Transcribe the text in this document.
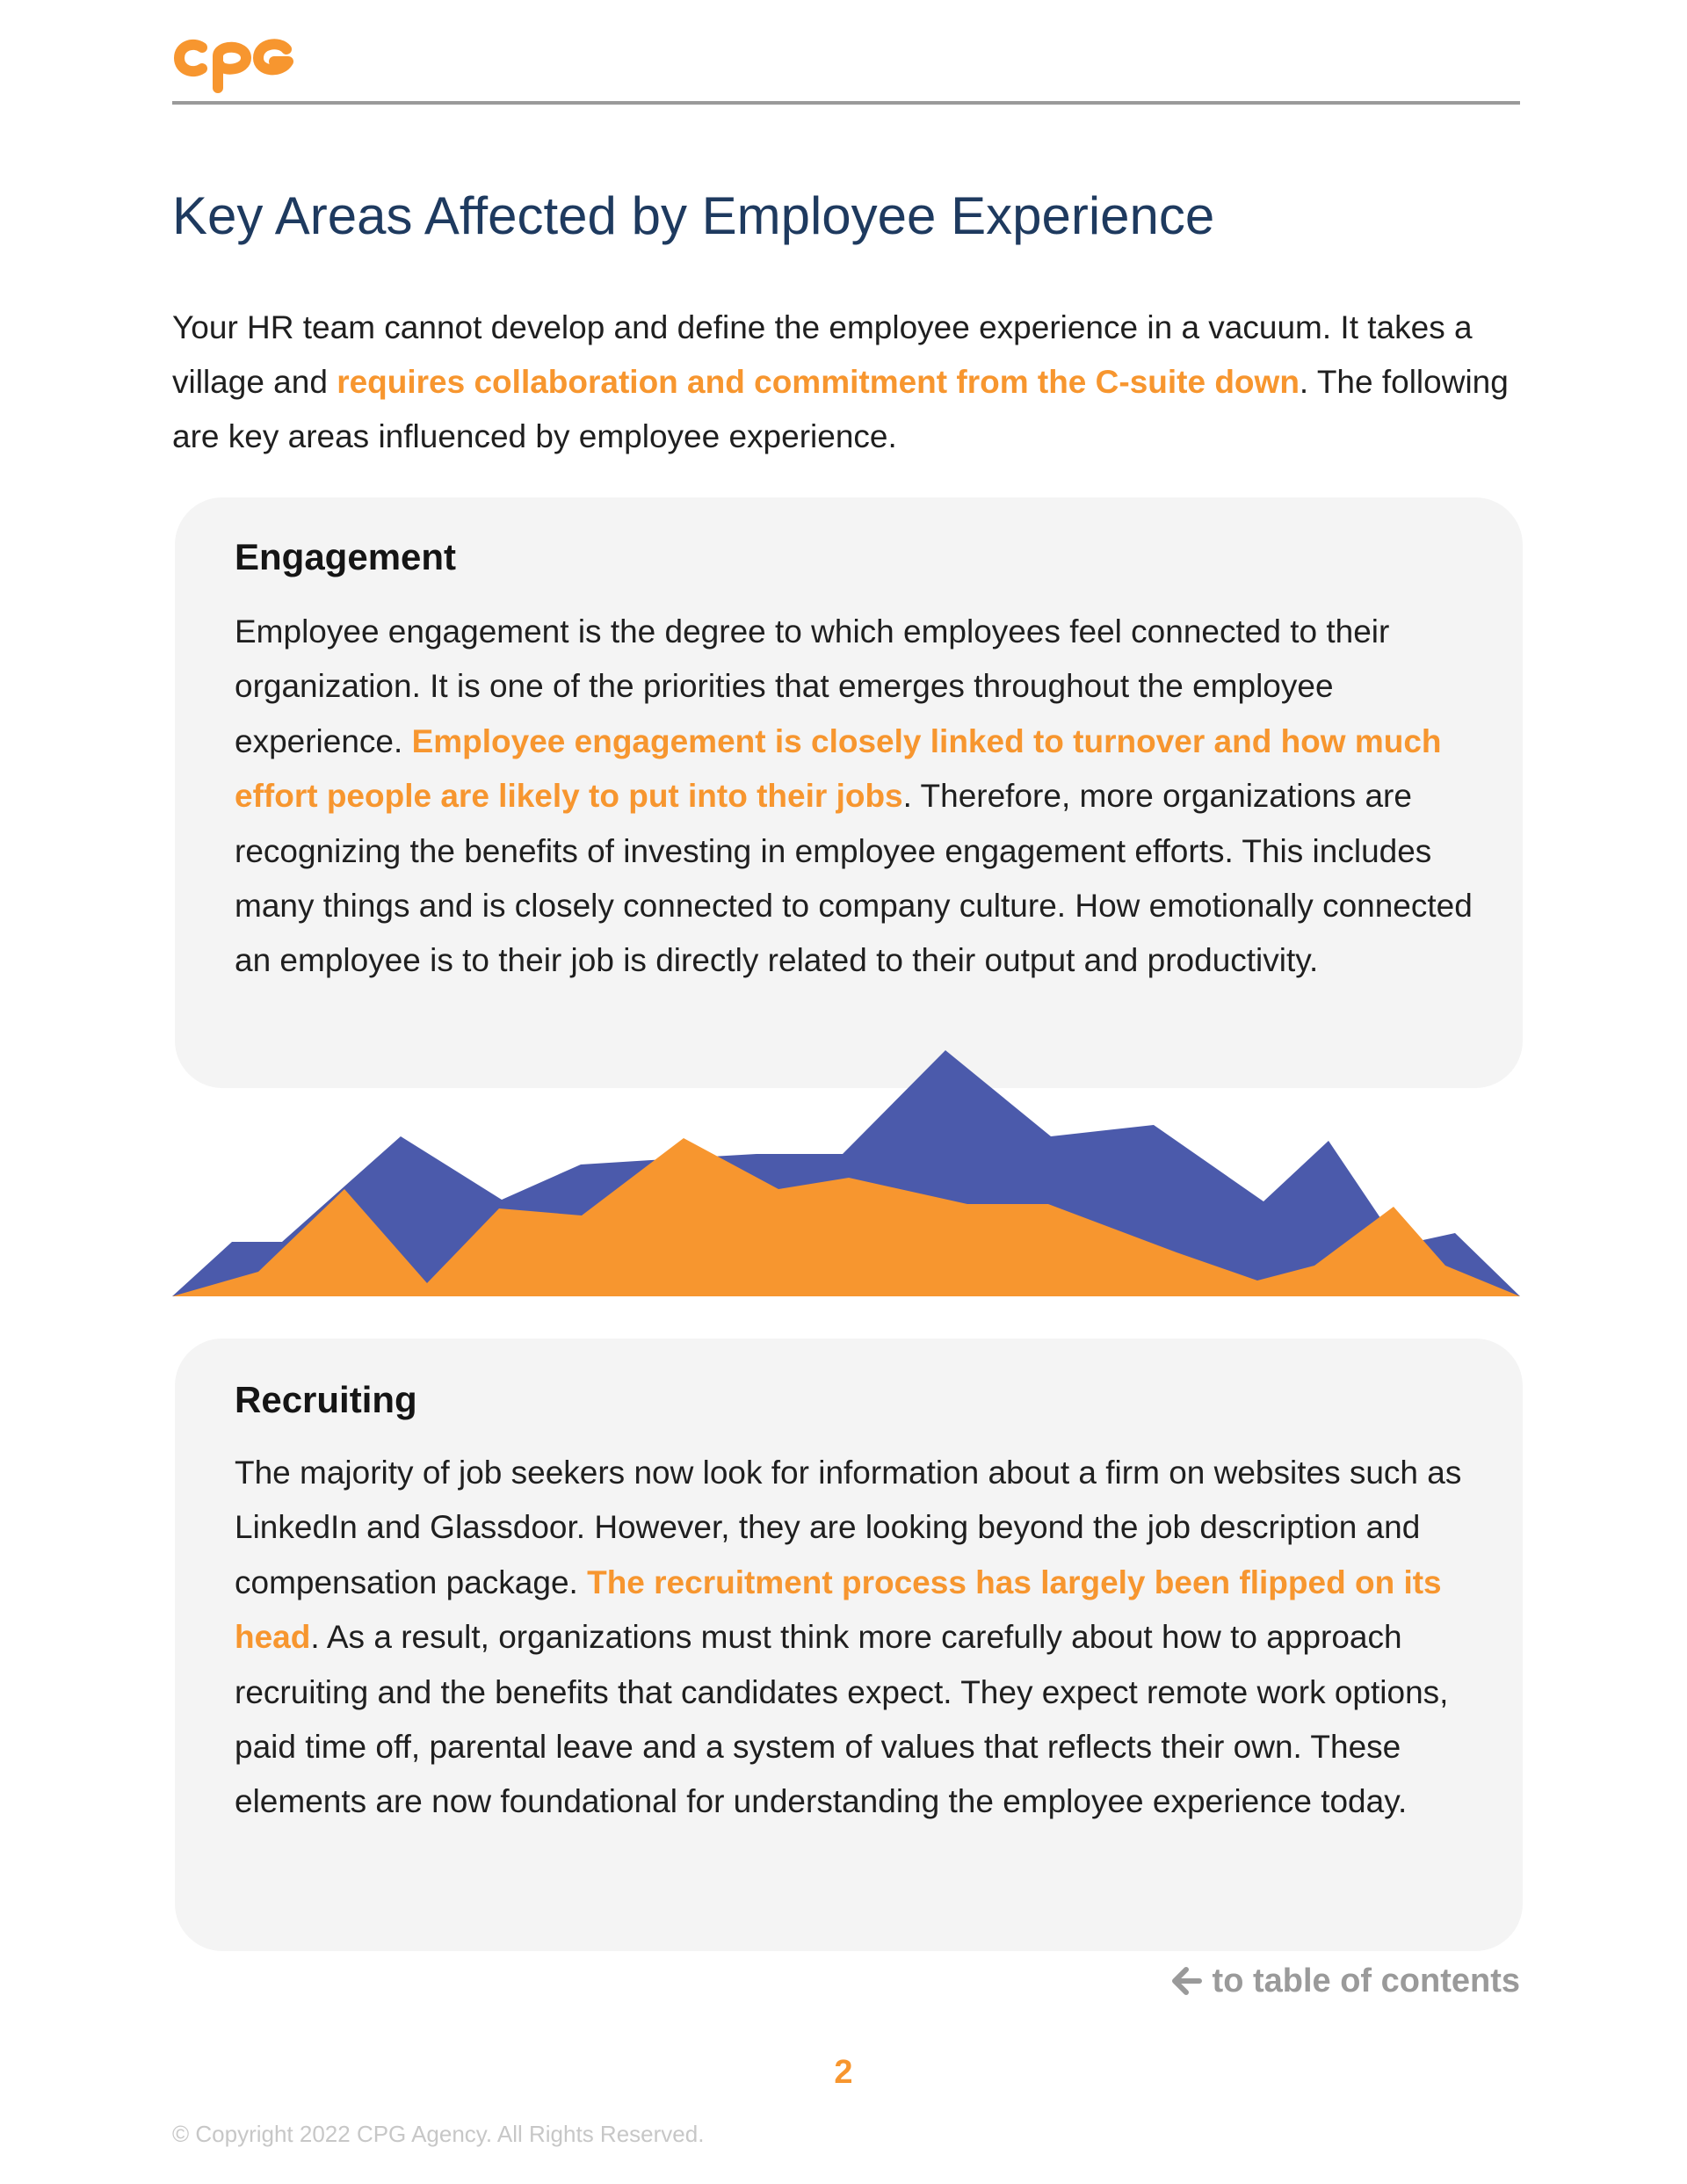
Key Areas Affected by Employee Experience

Your HR team cannot develop and define the employee experience in a vacuum. It takes a village and requires collaboration and commitment from the C-suite down. The following are key areas influenced by employee experience.

Engagement

Employee engagement is the degree to which employees feel connected to their organization. It is one of the priorities that emerges throughout the employee experience. Employee engagement is closely linked to turnover and how much effort people are likely to put into their jobs. Therefore, more organizations are recognizing the benefits of investing in employee engagement efforts. This includes many things and is closely connected to company culture. How emotionally connected an employee is to their job is directly related to their output and productivity.

Recruiting

The majority of job seekers now look for information about a firm on websites such as LinkedIn and Glassdoor. However, they are looking beyond the job description and compensation package. The recruitment process has largely been flipped on its head. As a result, organizations must think more carefully about how to approach recruiting and the benefits that candidates expect. They expect remote work options, paid time off, parental leave and a system of values that reflects their own. These elements are now foundational for understanding the employee experience today.

to table of contents
2
© Copyright 2022 CPG Agency. All Rights Reserved.
